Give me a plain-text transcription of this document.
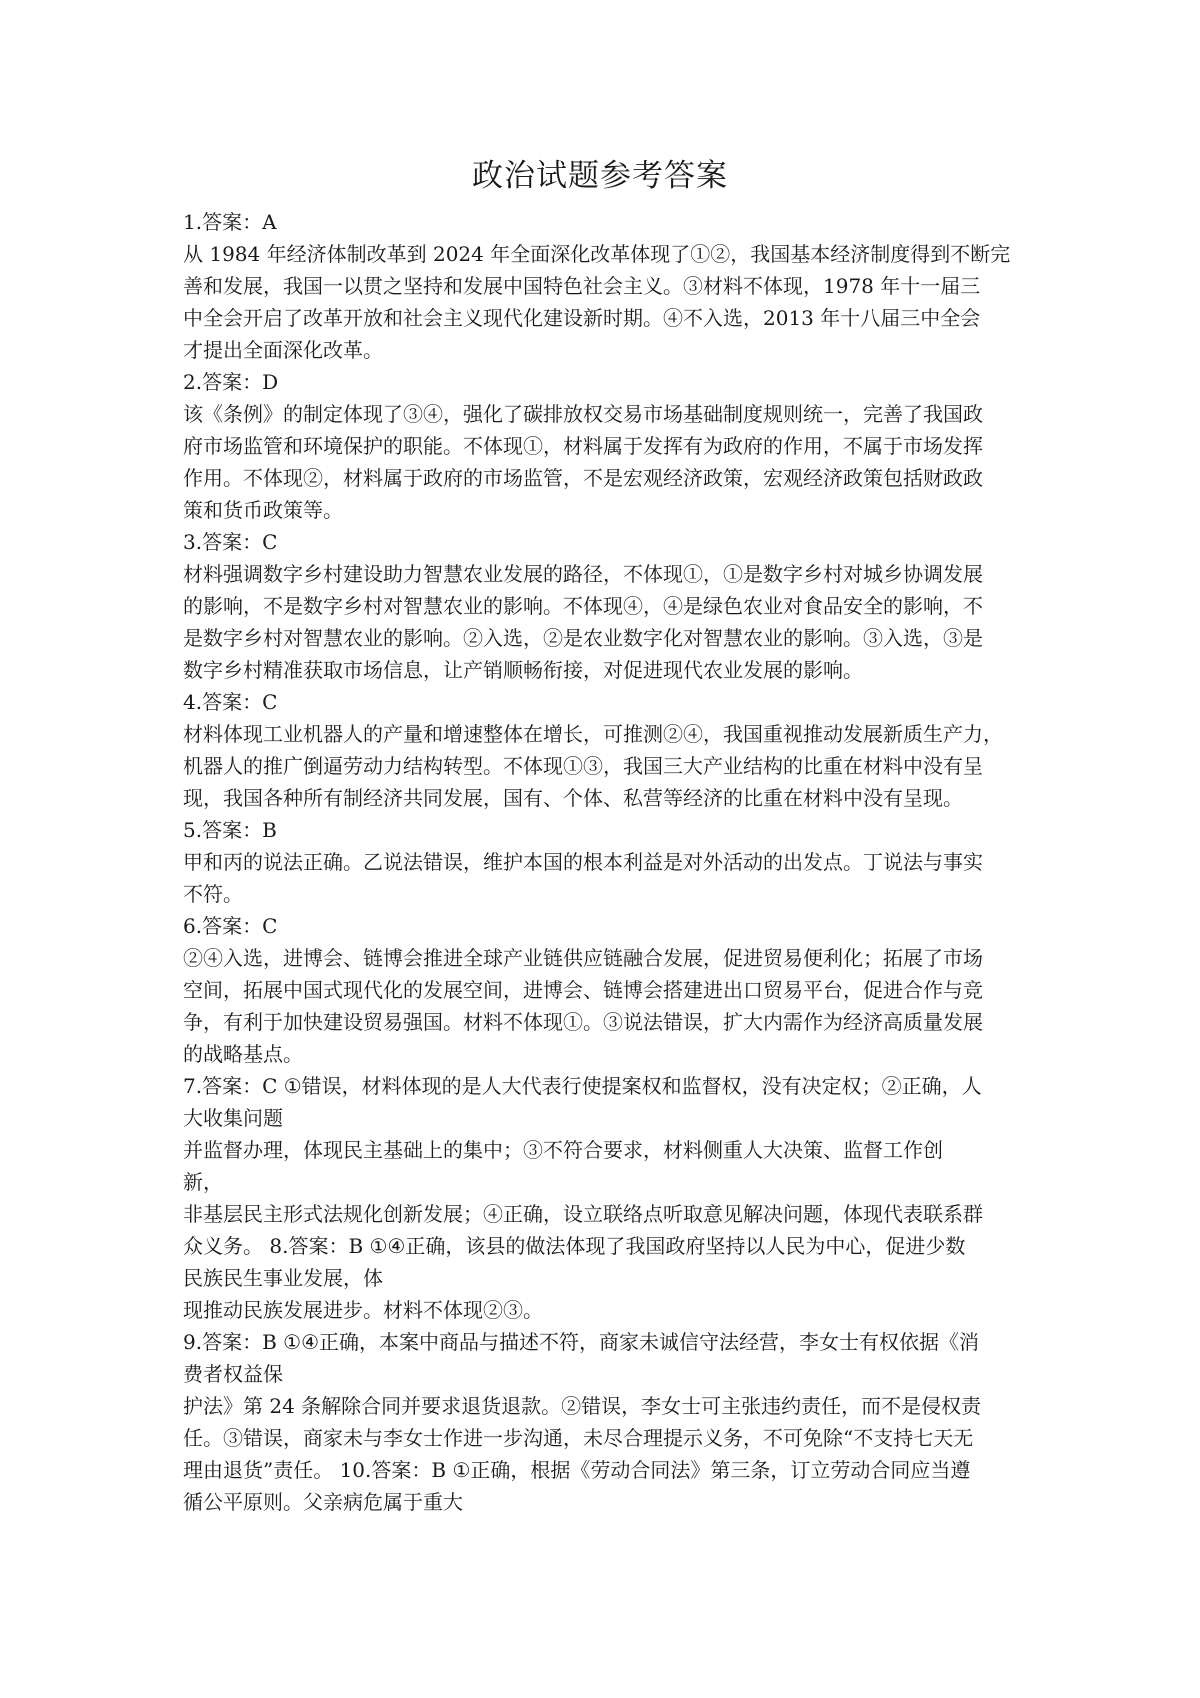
政治试题参考答案
1.答案：A
从 1984 年经济体制改革到 2024 年全面深化改革体现了①②，我国基本经济制度得到不断完
善和发展，我国一以贯之坚持和发展中国特色社会主义。③材料不体现，1978 年十一届三
中全会开启了改革开放和社会主义现代化建设新时期。④不入选，2013 年十八届三中全会
才提出全面深化改革。
2.答案：D
该《条例》的制定体现了③④，强化了碳排放权交易市场基础制度规则统一，完善了我国政
府市场监管和环境保护的职能。不体现①，材料属于发挥有为政府的作用，不属于市场发挥
作用。不体现②，材料属于政府的市场监管，不是宏观经济政策，宏观经济政策包括财政政
策和货币政策等。
3.答案：C
材料强调数字乡村建设助力智慧农业发展的路径，不体现①，①是数字乡村对城乡协调发展
的影响，不是数字乡村对智慧农业的影响。不体现④，④是绿色农业对食品安全的影响，不
是数字乡村对智慧农业的影响。②入选，②是农业数字化对智慧农业的影响。③入选，③是
数字乡村精准获取市场信息，让产销顺畅衔接，对促进现代农业发展的影响。
4.答案：C
材料体现工业机器人的产量和增速整体在增长，可推测②④，我国重视推动发展新质生产力，
机器人的推广倒逼劳动力结构转型。不体现①③，我国三大产业结构的比重在材料中没有呈
现，我国各种所有制经济共同发展，国有、个体、私营等经济的比重在材料中没有呈现。
5.答案：B
甲和丙的说法正确。乙说法错误，维护本国的根本利益是对外活动的出发点。丁说法与事实
不符。
6.答案：C
②④入选，进博会、链博会推进全球产业链供应链融合发展，促进贸易便利化；拓展了市场
空间，拓展中国式现代化的发展空间，进博会、链博会搭建进出口贸易平台，促进合作与竞
争，有利于加快建设贸易强国。材料不体现①。③说法错误，扩大内需作为经济高质量发展
的战略基点。
7.答案：C ①错误，材料体现的是人大代表行使提案权和监督权，没有决定权；②正确，人
大收集问题
并监督办理，体现民主基础上的集中；③不符合要求，材料侧重人大决策、监督工作创
新，
非基层民主形式法规化创新发展；④正确，设立联络点听取意见解决问题，体现代表联系群
众义务。 8.答案：B ①④正确，该县的做法体现了我国政府坚持以人民为中心，促进少数
民族民生事业发展，体
现推动民族发展进步。材料不体现②③。
9.答案：B ①④正确，本案中商品与描述不符，商家未诚信守法经营，李女士有权依据《消
费者权益保
护法》第 24 条解除合同并要求退货退款。②错误，李女士可主张违约责任，而不是侵权责
任。③错误，商家未与李女士作进一步沟通，未尽合理提示义务，不可免除“不支持七天无
理由退货”责任。 10.答案：B ①正确，根据《劳动合同法》第三条，订立劳动合同应当遵
循公平原则。父亲病危属于重大
